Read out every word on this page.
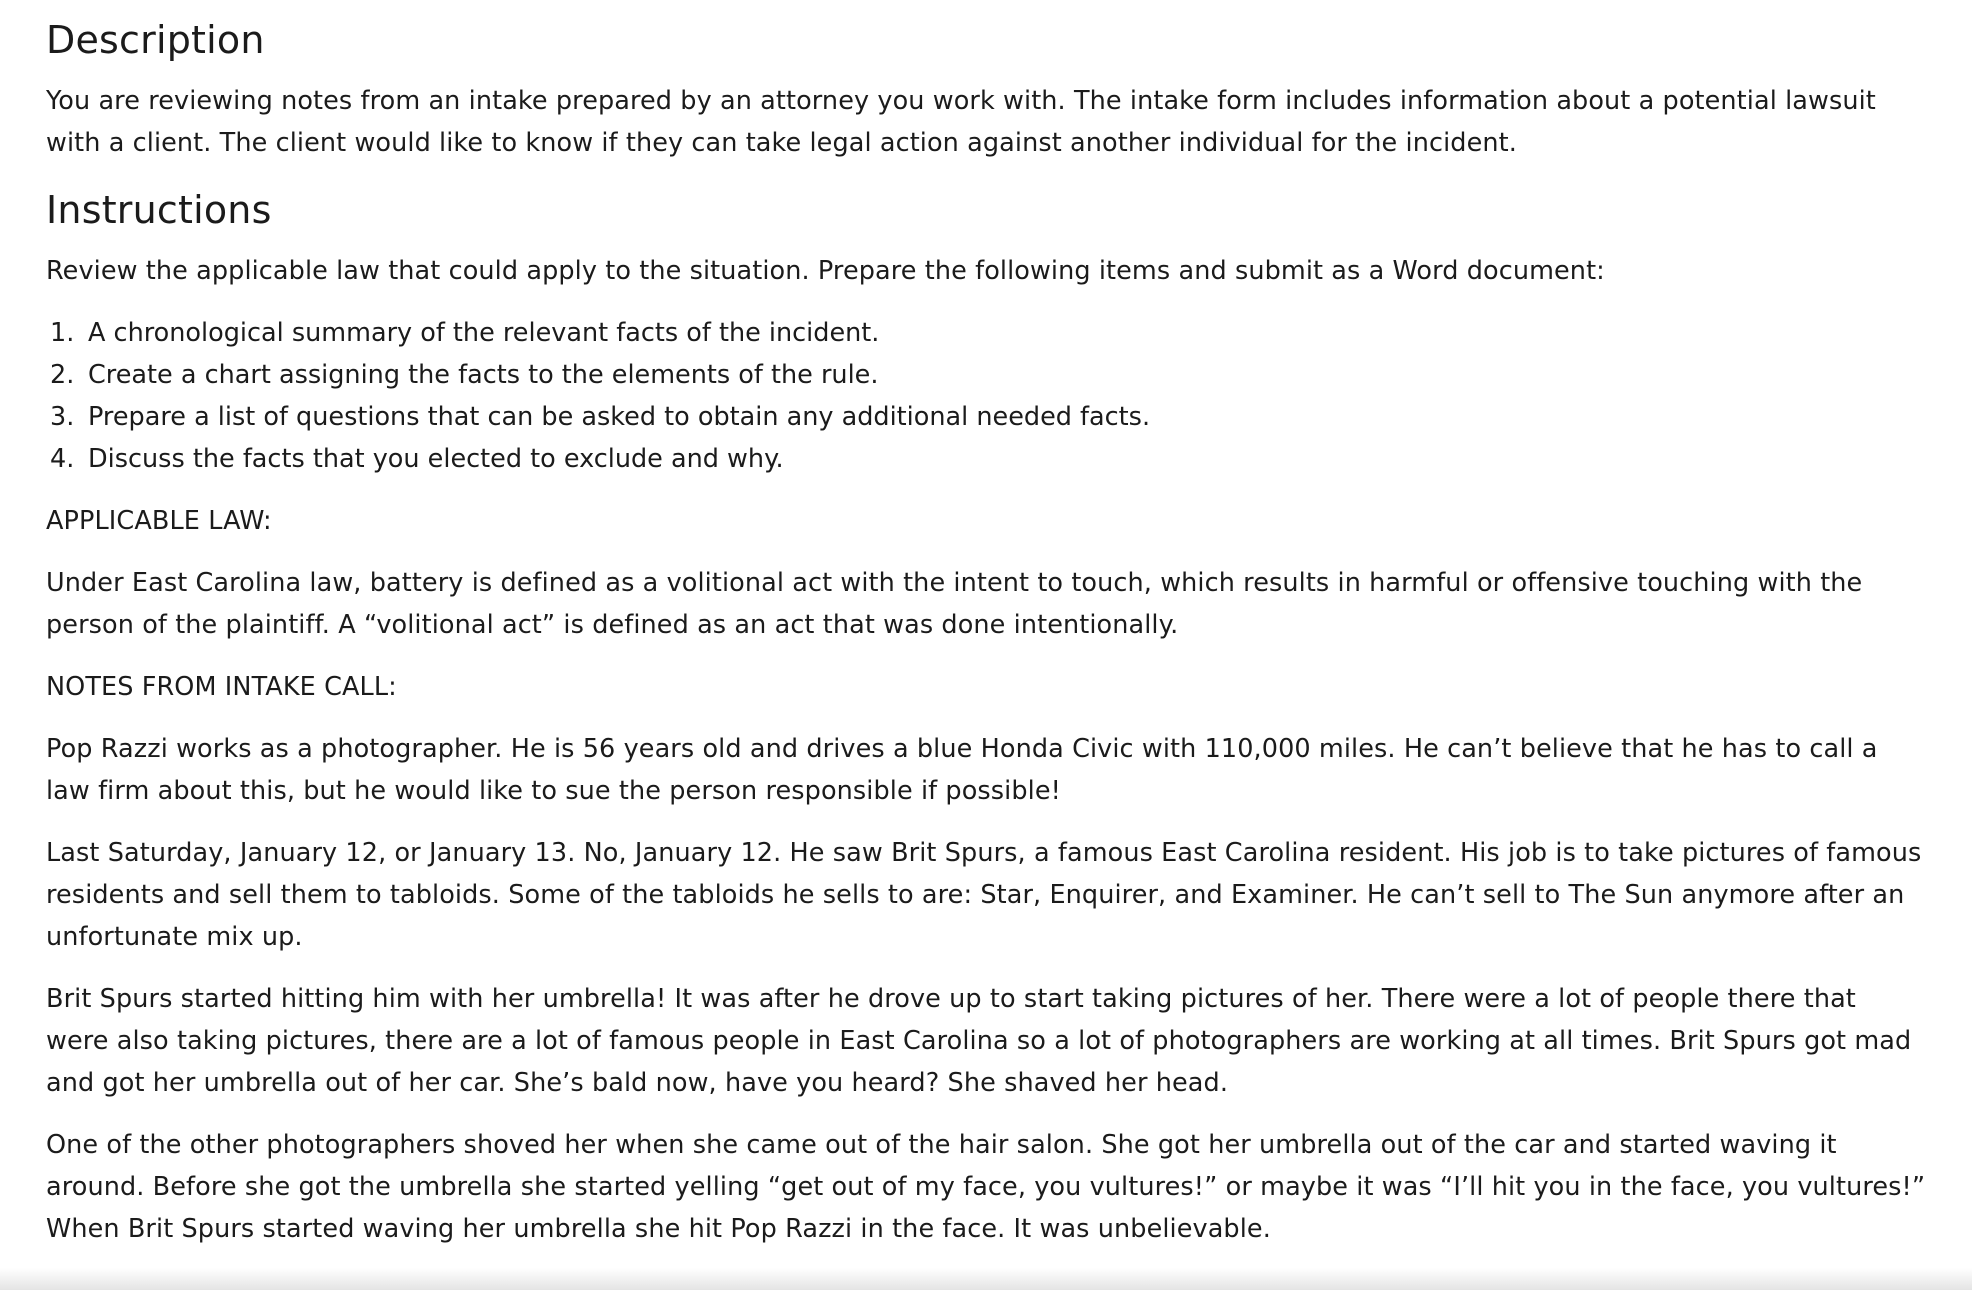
Description

You are reviewing notes from an intake prepared by an attorney you work with. The intake form includes information about a potential lawsuit with a client. The client would like to know if they can take legal action against another individual for the incident.

Instructions

Review the applicable law that could apply to the situation. Prepare the following items and submit as a Word document:

1. A chronological summary of the relevant facts of the incident.
2. Create a chart assigning the facts to the elements of the rule.
3. Prepare a list of questions that can be asked to obtain any additional needed facts.
4. Discuss the facts that you elected to exclude and why.

APPLICABLE LAW:

Under East Carolina law, battery is defined as a volitional act with the intent to touch, which results in harmful or offensive touching with the person of the plaintiff. A “volitional act” is defined as an act that was done intentionally.

NOTES FROM INTAKE CALL:

Pop Razzi works as a photographer. He is 56 years old and drives a blue Honda Civic with 110,000 miles. He can’t believe that he has to call a law firm about this, but he would like to sue the person responsible if possible!

Last Saturday, January 12, or January 13. No, January 12. He saw Brit Spurs, a famous East Carolina resident. His job is to take pictures of famous residents and sell them to tabloids. Some of the tabloids he sells to are: Star, Enquirer, and Examiner. He can’t sell to The Sun anymore after an unfortunate mix up.

Brit Spurs started hitting him with her umbrella! It was after he drove up to start taking pictures of her. There were a lot of people there that were also taking pictures, there are a lot of famous people in East Carolina so a lot of photographers are working at all times. Brit Spurs got mad and got her umbrella out of her car. She’s bald now, have you heard? She shaved her head.

One of the other photographers shoved her when she came out of the hair salon. She got her umbrella out of the car and started waving it around. Before she got the umbrella she started yelling “get out of my face, you vultures!” or maybe it was “I’ll hit you in the face, you vultures!” When Brit Spurs started waving her umbrella she hit Pop Razzi in the face. It was unbelievable.
